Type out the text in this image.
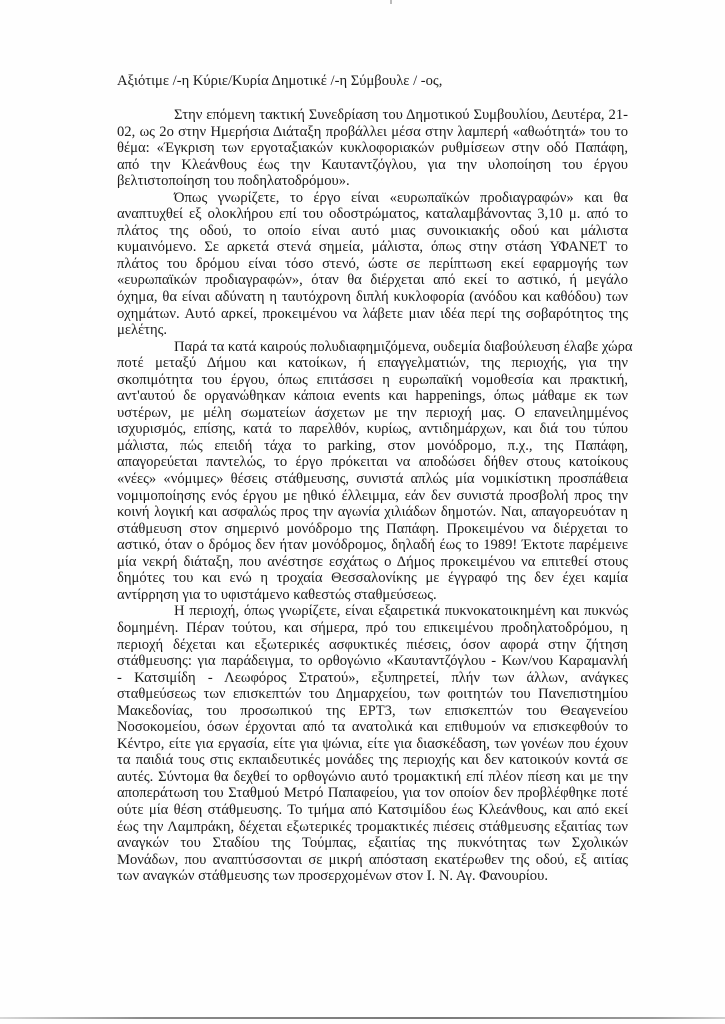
Αξιότιμε /-η Κύριε/Κυρία Δημοτικέ /-η Σύμβουλε / -ος,
Στην επόμενη τακτική Συνεδρίαση του Δημοτικού Συμβουλίου, Δευτέρα, 21-
02, ως 2ο στην Ημερήσια Διάταξη προβάλλει μέσα στην λαμπερή «αθωότητά» του το
θέμα: «Έγκριση των εργοταξιακών κυκλοφοριακών ρυθμίσεων στην οδό Παπάφη,
από την Κλεάνθους έως την Καυταντζόγλου, για την υλοποίηση του έργου
βελτιστοποίηση του ποδηλατοδρόμου».
Όπως γνωρίζετε, το έργο είναι «ευρωπαϊκών προδιαγραφών» και θα
αναπτυχθεί εξ ολοκλήρου επί του οδοστρώματος, καταλαμβάνοντας 3,10 μ. από το
πλάτος της οδού, το οποίο είναι αυτό μιας συνοικιακής οδού και μάλιστα
κυμαινόμενο. Σε αρκετά στενά σημεία, μάλιστα, όπως στην στάση ΥΦΑΝΕΤ το
πλάτος του δρόμου είναι τόσο στενό, ώστε σε περίπτωση εκεί εφαρμογής των
«ευρωπαϊκών προδιαγραφών», όταν θα διέρχεται από εκεί το αστικό, ή μεγάλο
όχημα, θα είναι αδύνατη η ταυτόχρονη διπλή κυκλοφορία (ανόδου και καθόδου) των
οχημάτων. Αυτό αρκεί, προκειμένου να λάβετε μιαν ιδέα περί της σοβαρότητος της
μελέτης.
Παρά τα κατά καιρούς πολυδιαφημιζόμενα, ουδεμία διαβούλευση έλαβε χώρα
ποτέ μεταξύ Δήμου και κατοίκων, ή επαγγελματιών, της περιοχής, για την
σκοπιμότητα του έργου, όπως επιτάσσει η ευρωπαϊκή νομοθεσία και πρακτική,
αντ'αυτού δε οργανώθηκαν κάποια events και happenings, όπως μάθαμε εκ των
υστέρων, με μέλη σωματείων άσχετων με την περιοχή μας. Ο επανειλημμένος
ισχυρισμός, επίσης, κατά το παρελθόν, κυρίως, αντιδημάρχων, και διά του τύπου
μάλιστα, πώς επειδή τάχα το parking, στον μονόδρομο, π.χ., της Παπάφη,
απαγορεύεται παντελώς, το έργο πρόκειται να αποδώσει δήθεν στους κατοίκους
«νέες» «νόμιμες» θέσεις στάθμευσης, συνιστά απλώς μία νομικίστικη προσπάθεια
νομιμοποίησης ενός έργου με ηθικό έλλειμμα, εάν δεν συνιστά προσβολή προς την
κοινή λογική και ασφαλώς προς την αγωνία χιλιάδων δημοτών. Ναι, απαγορευόταν η
στάθμευση στον σημερινό μονόδρομο της Παπάφη. Προκειμένου να διέρχεται το
αστικό, όταν ο δρόμος δεν ήταν μονόδρομος, δηλαδή έως το 1989! Έκτοτε παρέμεινε
μία νεκρή διάταξη, που ανέστησε εσχάτως ο Δήμος προκειμένου να επιτεθεί στους
δημότες του και ενώ η τροχαία Θεσσαλονίκης με έγγραφό της δεν έχει καμία
αντίρρηση για το υφιστάμενο καθεστώς σταθμεύσεως.
Η περιοχή, όπως γνωρίζετε, είναι εξαιρετικά πυκνοκατοικημένη και πυκνώς
δομημένη. Πέραν τούτου, και σήμερα, πρό του επικειμένου προδηλατοδρόμου, η
περιοχή δέχεται και εξωτερικές ασφυκτικές πιέσεις, όσον αφορά στην ζήτηση
στάθμευσης: για παράδειγμα, το ορθογώνιο «Καυταντζόγλου - Κων/νου Καραμανλή
- Κατσιμίδη - Λεωφόρος Στρατού», εξυπηρετεί, πλήν των άλλων, ανάγκες
σταθμεύσεως των επισκεπτών του Δημαρχείου, των φοιτητών του Πανεπιστημίου
Μακεδονίας, του προσωπικού της ΕΡΤ3, των επισκεπτών του Θεαγενείου
Νοσοκομείου, όσων έρχονται από τα ανατολικά και επιθυμούν να επισκεφθούν το
Κέντρο, είτε για εργασία, είτε για ψώνια, είτε για διασκέδαση, των γονέων που έχουν
τα παιδιά τους στις εκπαιδευτικές μονάδες της περιοχής και δεν κατοικούν κοντά σε
αυτές. Σύντομα θα δεχθεί το ορθογώνιο αυτό τρομακτική επί πλέον πίεση και με την
αποπεράτωση του Σταθμού Μετρό Παπαφείου, για τον οποίον δεν προβλέφθηκε ποτέ
ούτε μία θέση στάθμευσης. Το τμήμα από Κατσιμίδου έως Κλεάνθους, και από εκεί
έως την Λαμπράκη, δέχεται εξωτερικές τρομακτικές πιέσεις στάθμευσης εξαιτίας των
αναγκών του Σταδίου της Τούμπας, εξαιτίας της πυκνότητας των Σχολικών
Μονάδων, που αναπτύσσονται σε μικρή απόσταση εκατέρωθεν της οδού, εξ αιτίας
των αναγκών στάθμευσης των προσερχομένων στον Ι. Ν. Αγ. Φανουρίου.
